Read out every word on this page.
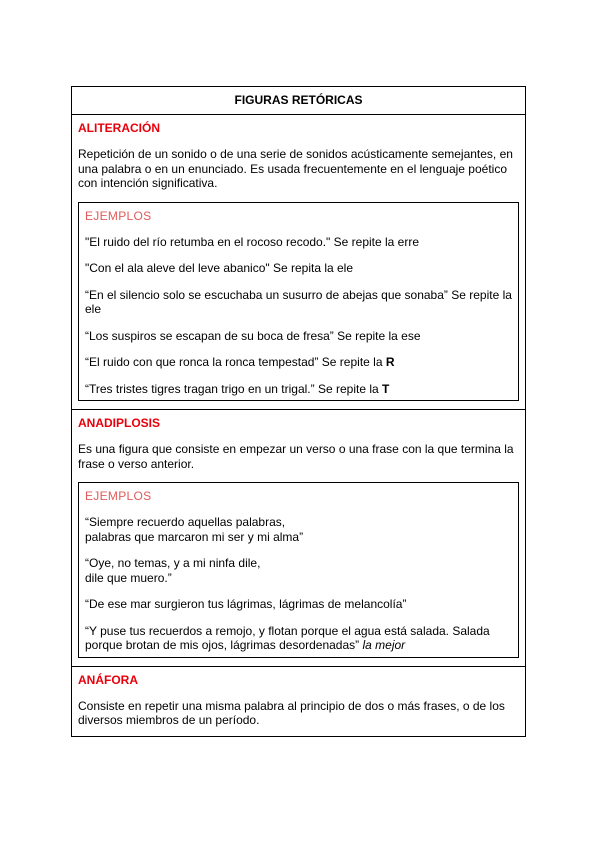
FIGURAS RETÓRICAS
ALITERACIÓN
Repetición de un sonido o de una serie de sonidos acústicamente semejantes, en una palabra o en un enunciado. Es usada frecuentemente en el lenguaje poético con intención significativa.
EJEMPLOS
"El ruido del río retumba en el rocoso recodo." Se repite la erre
"Con el ala aleve del leve abanico" Se repita la ele
“En el silencio solo se escuchaba un susurro de abejas que sonaba” Se repite la ele
“Los suspiros se escapan de su boca de fresa” Se repite la ese
“El ruido con que ronca la ronca tempestad” Se repite la R
“Tres tristes tigres tragan trigo en un trigal.” Se repite la T
ANADIPLOSIS
Es una figura que consiste en empezar un verso o una frase con la que termina la frase o verso anterior.
EJEMPLOS
“Siempre recuerdo aquellas palabras,
palabras que marcaron mi ser y mi alma”
“Oye, no temas, y a mi ninfa dile,
dile que muero.”
“De ese mar surgieron tus lágrimas, lágrimas de melancolía”
“Y puse tus recuerdos a remojo, y flotan porque el agua está salada. Salada porque brotan de mis ojos, lágrimas desordenadas” la mejor
ANÁFORA
Consiste en repetir una misma palabra al principio de dos o más frases, o de los diversos miembros de un período.
